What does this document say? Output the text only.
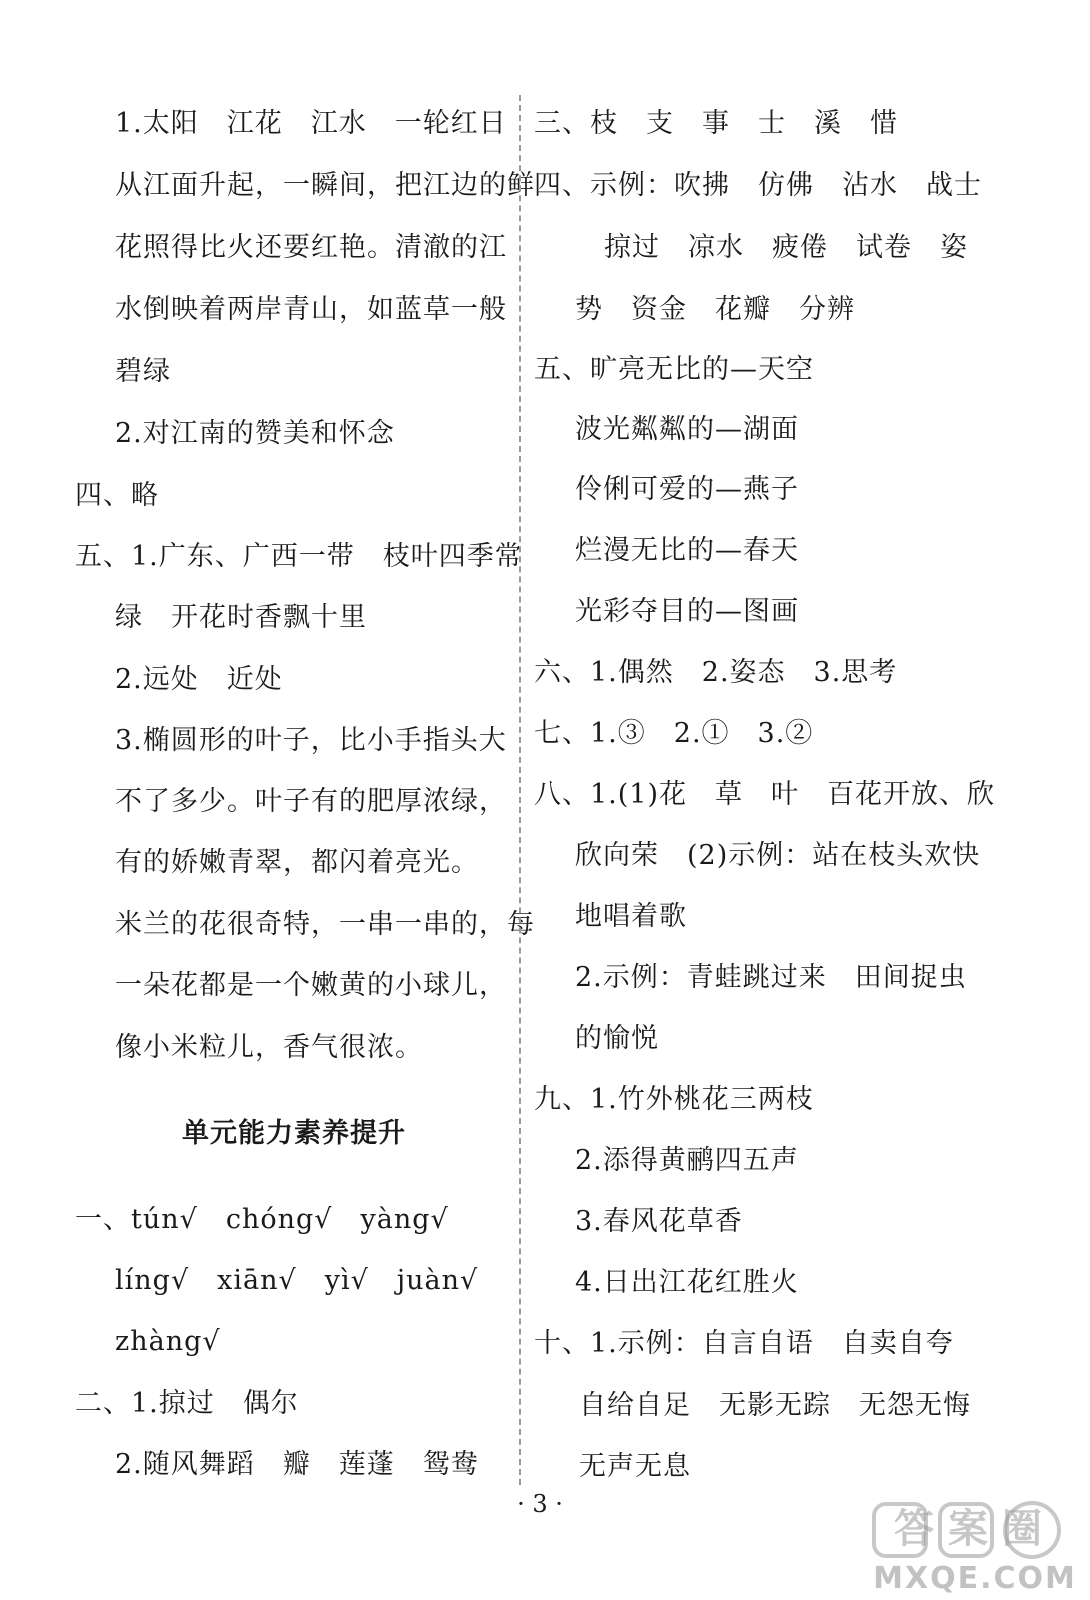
1.太阳　江花　江水　一轮红日
从江面升起，一瞬间，把江边的鲜
花照得比火还要红艳。清澈的江
水倒映着两岸青山，如蓝草一般
碧绿
2.对江南的赞美和怀念
四、略
五、1.广东、广西一带　枝叶四季常
绿　开花时香飘十里
2.远处　近处
3.椭圆形的叶子，比小手指头大
不了多少。叶子有的肥厚浓绿，
有的娇嫩青翠，都闪着亮光。
米兰的花很奇特，一串一串的，每
一朵花都是一个嫩黄的小球儿，
像小米粒儿，香气很浓。
单元能力素养提升
一、tún√　chóng√　yàng√
líng√　xiān√　yì√　juàn√
zhàng√
二、1.掠过　偶尔
2.随风舞蹈　瓣　莲蓬　鸳鸯
三、枝　支　事　士　溪　惜
四、示例：吹拂　仿佛　沾水　战士
掠过　凉水　疲倦　试卷　姿
势　资金　花瓣　分辨
五、旷亮无比的—天空
波光粼粼的—湖面
伶俐可爱的—燕子
烂漫无比的—春天
光彩夺目的—图画
六、1.偶然　2.姿态　3.思考
七、1.③　2.①　3.②
八、1.(1)花　草　叶　百花开放、欣
欣向荣　(2)示例：站在枝头欢快
地唱着歌
2.示例：青蛙跳过来　田间捉虫
的愉悦
九、1.竹外桃花三两枝
2.添得黄鹂四五声
3.春风花草香
4.日出江花红胜火
十、1.示例：自言自语　自卖自夸
自给自足　无影无踪　无怨无悔
无声无息
· 3 ·
答案圈
MXQE.COM
